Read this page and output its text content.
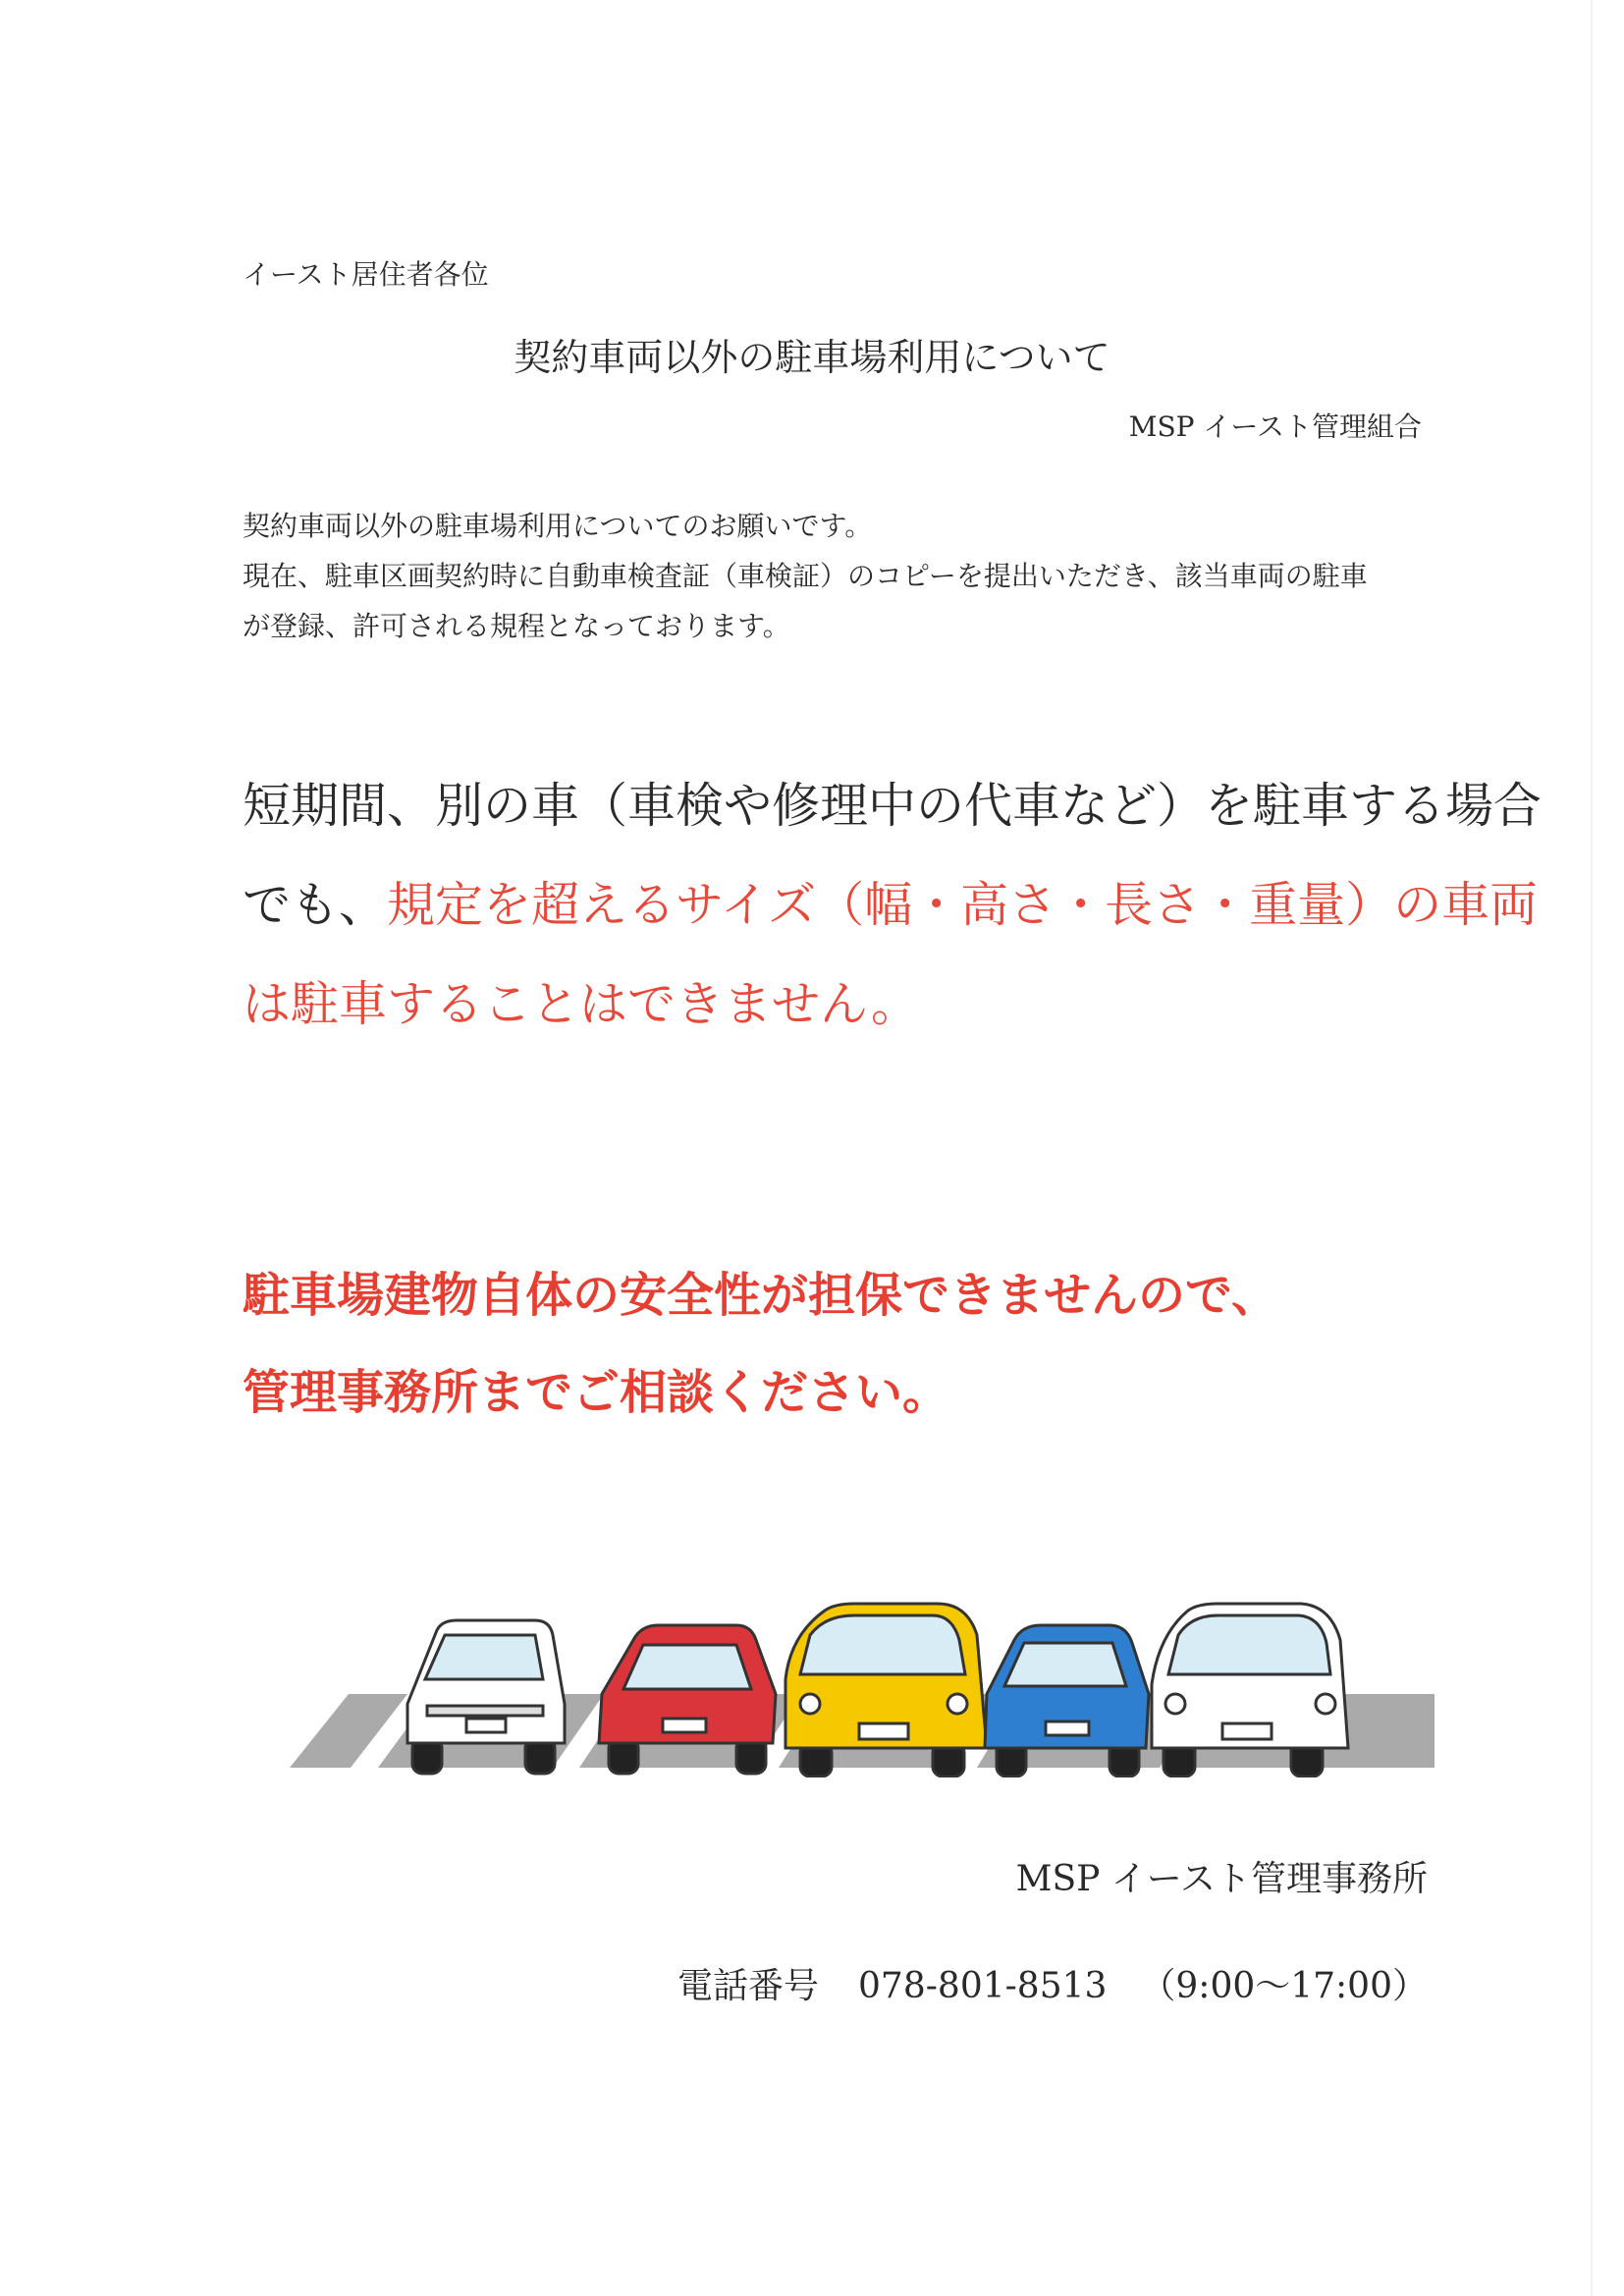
イースト居住者各位
契約車両以外の駐車場利用について
MSP イースト管理組合
契約車両以外の駐車場利用についてのお願いです。
現在、駐車区画契約時に自動車検査証（車検証）のコピーを提出いただき、該当車両の駐車
が登録、許可される規程となっております。
短期間、別の車（車検や修理中の代車など）を駐車する場合
でも、規定を超えるサイズ（幅・高さ・長さ・重量）の車両
は駐車することはできません。
駐車場建物自体の安全性が担保できませんので、
管理事務所までご相談ください。
MSP イースト管理事務所
電話番号 078-801-8513 （9:00～17:00）
